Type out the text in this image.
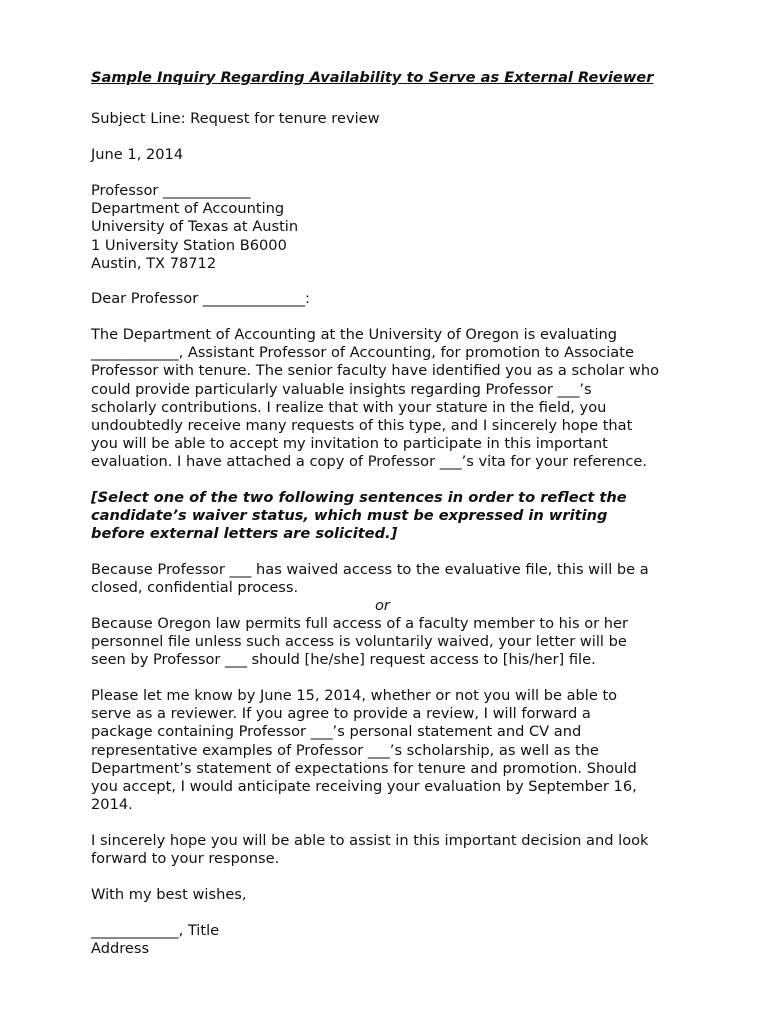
Sample Inquiry Regarding Availability to Serve as External Reviewer
Subject Line: Request for tenure review
June 1, 2014
Professor ____________
Department of Accounting
University of Texas at Austin
1 University Station B6000
Austin, TX 78712
Dear Professor ______________:
The Department of Accounting at the University of Oregon is evaluating
____________, Assistant Professor of Accounting, for promotion to Associate
Professor with tenure. The senior faculty have identified you as a scholar who
could provide particularly valuable insights regarding Professor ___’s
scholarly contributions. I realize that with your stature in the field, you
undoubtedly receive many requests of this type, and I sincerely hope that
you will be able to accept my invitation to participate in this important
evaluation. I have attached a copy of Professor ___’s vita for your reference.
[Select one of the two following sentences in order to reflect the
candidate’s waiver status, which must be expressed in writing
before external letters are solicited.]
Because Professor ___ has waived access to the evaluative file, this will be a
closed, confidential process.
or
Because Oregon law permits full access of a faculty member to his or her
personnel file unless such access is voluntarily waived, your letter will be
seen by Professor ___ should [he/she] request access to [his/her] file.
Please let me know by June 15, 2014, whether or not you will be able to
serve as a reviewer. If you agree to provide a review, I will forward a
package containing Professor ___’s personal statement and CV and
representative examples of Professor ___’s scholarship, as well as the
Department’s statement of expectations for tenure and promotion. Should
you accept, I would anticipate receiving your evaluation by September 16,
2014.
I sincerely hope you will be able to assist in this important decision and look
forward to your response.
With my best wishes,
____________, Title
Address
